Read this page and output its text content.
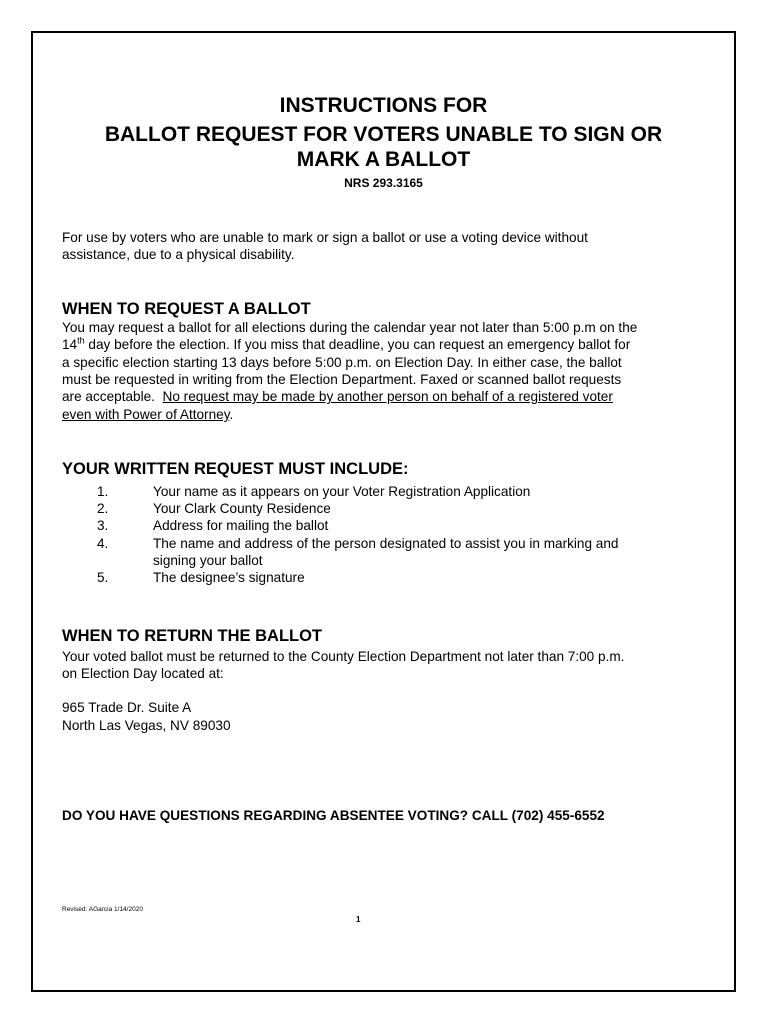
INSTRUCTIONS FOR
BALLOT REQUEST FOR VOTERS UNABLE TO SIGN OR
MARK A BALLOT
NRS 293.3165
For use by voters who are unable to mark or sign a ballot or use a voting device without
assistance, due to a physical disability.
WHEN TO REQUEST A BALLOT
You may request a ballot for all elections during the calendar year not later than 5:00 p.m on the
14th day before the election. If you miss that deadline, you can request an emergency ballot for
a specific election starting 13 days before 5:00 p.m. on Election Day. In either case, the ballot
must be requested in writing from the Election Department. Faxed or scanned ballot requests
are acceptable.  No request may be made by another person on behalf of a registered voter
even with Power of Attorney.
YOUR WRITTEN REQUEST MUST INCLUDE:
1.	Your name as it appears on your Voter Registration Application
2.	Your Clark County Residence
3.	Address for mailing the ballot
4.	The name and address of the person designated to assist you in marking and
signing your ballot
5.	The designee’s signature
WHEN TO RETURN THE BALLOT
Your voted ballot must be returned to the County Election Department not later than 7:00 p.m.
on Election Day located at:
965 Trade Dr. Suite A
North Las Vegas, NV 89030
DO YOU HAVE QUESTIONS REGARDING ABSENTEE VOTING? CALL (702) 455-6552
Revised: AGarcia 1/14/2020
1
